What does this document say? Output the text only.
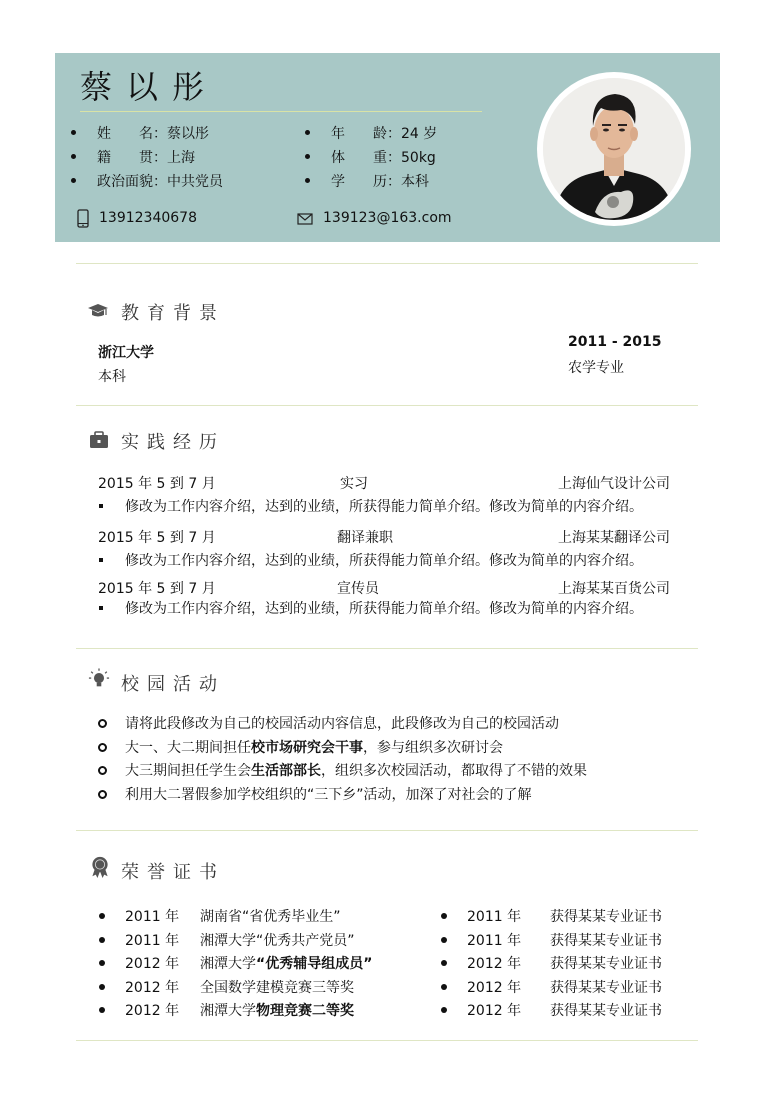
蔡以彤
姓　　名：蔡以彤
籍　　贯：上海
政治面貌：中共党员
年　　龄：24 岁
体　　重：50kg
学　　历：本科
13912340678	139123@163.com
教育背景
浙江大学
本科
2011 - 2015
农学专业
实践经历
2015 年 5 到 7 月	实习	上海仙气设计公司
修改为工作内容介绍，达到的业绩，所获得能力简单介绍。修改为简单的内容介绍。
2015 年 5 到 7 月	翻译兼职	上海某某翻译公司
修改为工作内容介绍，达到的业绩，所获得能力简单介绍。修改为简单的内容介绍。
2015 年 5 到 7 月	宣传员	上海某某百货公司
修改为工作内容介绍，达到的业绩，所获得能力简单介绍。修改为简单的内容介绍。
校园活动
请将此段修改为自己的校园活动内容信息，此段修改为自己的校园活动
大一、大二期间担任校市场研究会干事，参与组织多次研讨会
大三期间担任学生会生活部部长，组织多次校园活动，都取得了不错的效果
利用大二署假参加学校组织的“三下乡”活动，加深了对社会的了解
荣誉证书
2011 年 湖南省“省优秀毕业生”
2011 年 湘潭大学“优秀共产党员”
2012 年 湘潭大学“优秀辅导组成员”
2012 年 全国数学建模竞赛三等奖
2012 年 湘潭大学物理竞赛二等奖
2011 年 获得某某专业证书
2011 年 获得某某专业证书
2012 年 获得某某专业证书
2012 年 获得某某专业证书
2012 年 获得某某专业证书
